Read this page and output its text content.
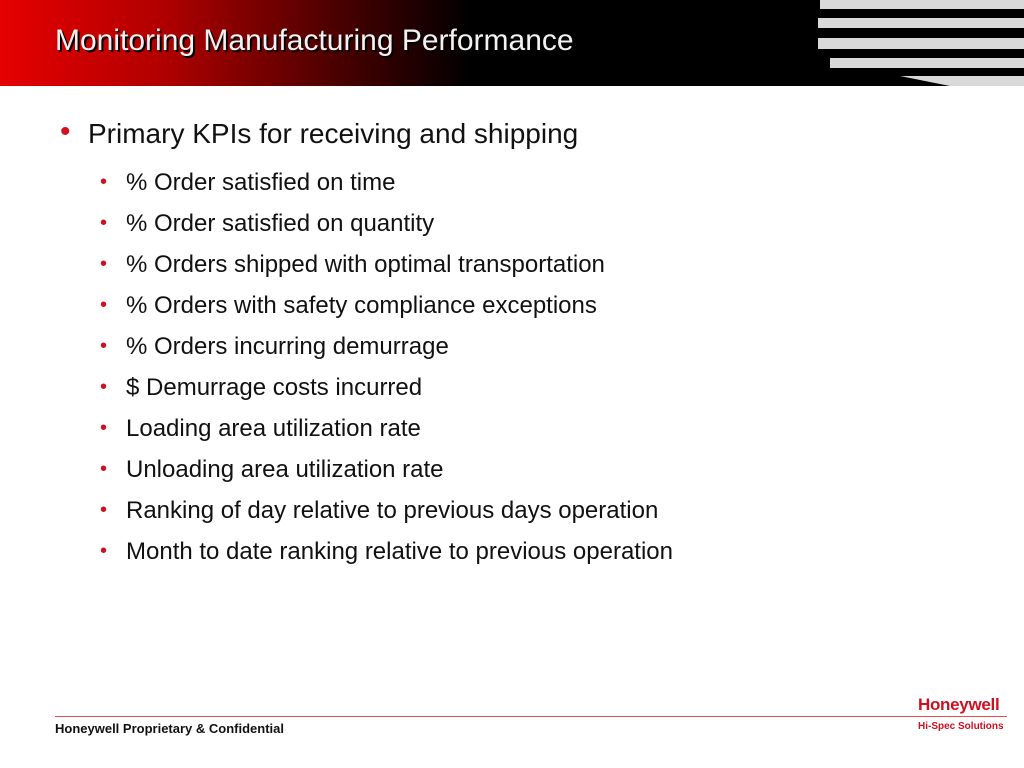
Monitoring Manufacturing Performance
• Primary KPIs for receiving and shipping
• % Order satisfied on time
• % Order satisfied on quantity
• % Orders shipped with optimal transportation
• % Orders with safety compliance exceptions
• % Orders incurring demurrage
• $ Demurrage costs incurred
• Loading area utilization rate
• Unloading area utilization rate
• Ranking of day relative to previous days operation
• Month to date ranking relative to previous operation
Honeywell Proprietary & Confidential
Honeywell
Hi-Spec Solutions
